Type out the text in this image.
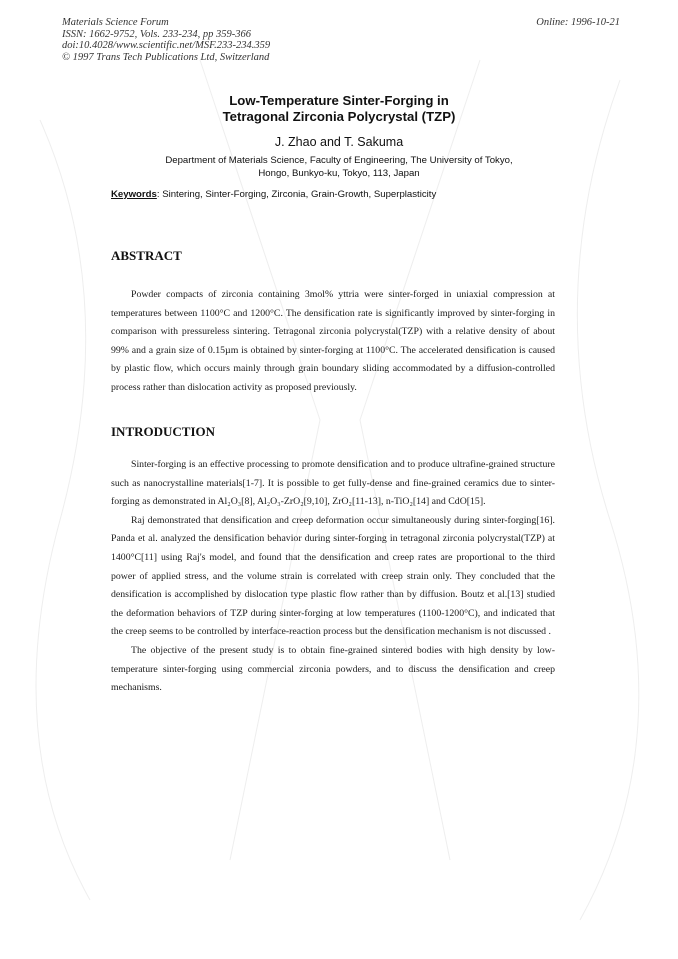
Materials Science Forum
ISSN: 1662-9752, Vols. 233-234, pp 359-366
doi:10.4028/www.scientific.net/MSF.233-234.359
© 1997 Trans Tech Publications Ltd, Switzerland
Online: 1996-10-21
Low-Temperature Sinter-Forging in
Tetragonal Zirconia Polycrystal (TZP)
J. Zhao and T. Sakuma
Department of Materials Science, Faculty of Engineering, The University of Tokyo,
Hongo, Bunkyo-ku, Tokyo, 113, Japan
Keywords: Sintering, Sinter-Forging, Zirconia, Grain-Growth, Superplasticity
ABSTRACT

Powder compacts of zirconia containing 3mol% yttria were sinter-forged in uniaxial compression at temperatures between 1100°C and 1200°C. The densification rate is significantly improved by sinter-forging in comparison with pressureless sintering. Tetragonal zirconia polycrystal(TZP) with a relative density of about 99% and a grain size of 0.15µm is obtained by sinter-forging at 1100°C. The accelerated densification is caused by plastic flow, which occurs mainly through grain boundary sliding accommodated by a diffusion-controlled process rather than dislocation activity as proposed previously.

INTRODUCTION

Sinter-forging is an effective processing to promote densification and to produce ultrafine-grained structure such as nanocrystalline materials[1-7]. It is possible to get fully-dense and fine-grained ceramics due to sinter-forging as demonstrated in Al₂O₃[8], Al₂O₃-ZrO₂[9,10], ZrO₂[11-13], n-TiO₂[14] and CdO[15].

Raj demonstrated that densification and creep deformation occur simultaneously during sinter-forging[16]. Panda et al. analyzed the densification behavior during sinter-forging in tetragonal zirconia polycrystal(TZP) at 1400°C[11] using Raj's model, and found that the densification and creep rates are proportional to the third power of applied stress, and the volume strain is correlated with creep strain only. They concluded that the densification is accomplished by dislocation type plastic flow rather than by diffusion. Boutz et al.[13] studied the deformation behaviors of TZP during sinter-forging at low temperatures (1100-1200°C), and indicated that the creep seems to be controlled by interface-reaction process but the densification mechanism is not discussed .

The objective of the present study is to obtain fine-grained sintered bodies with high density by low-temperature sinter-forging using commercial zirconia powders, and to discuss the densification and creep mechanisms.
